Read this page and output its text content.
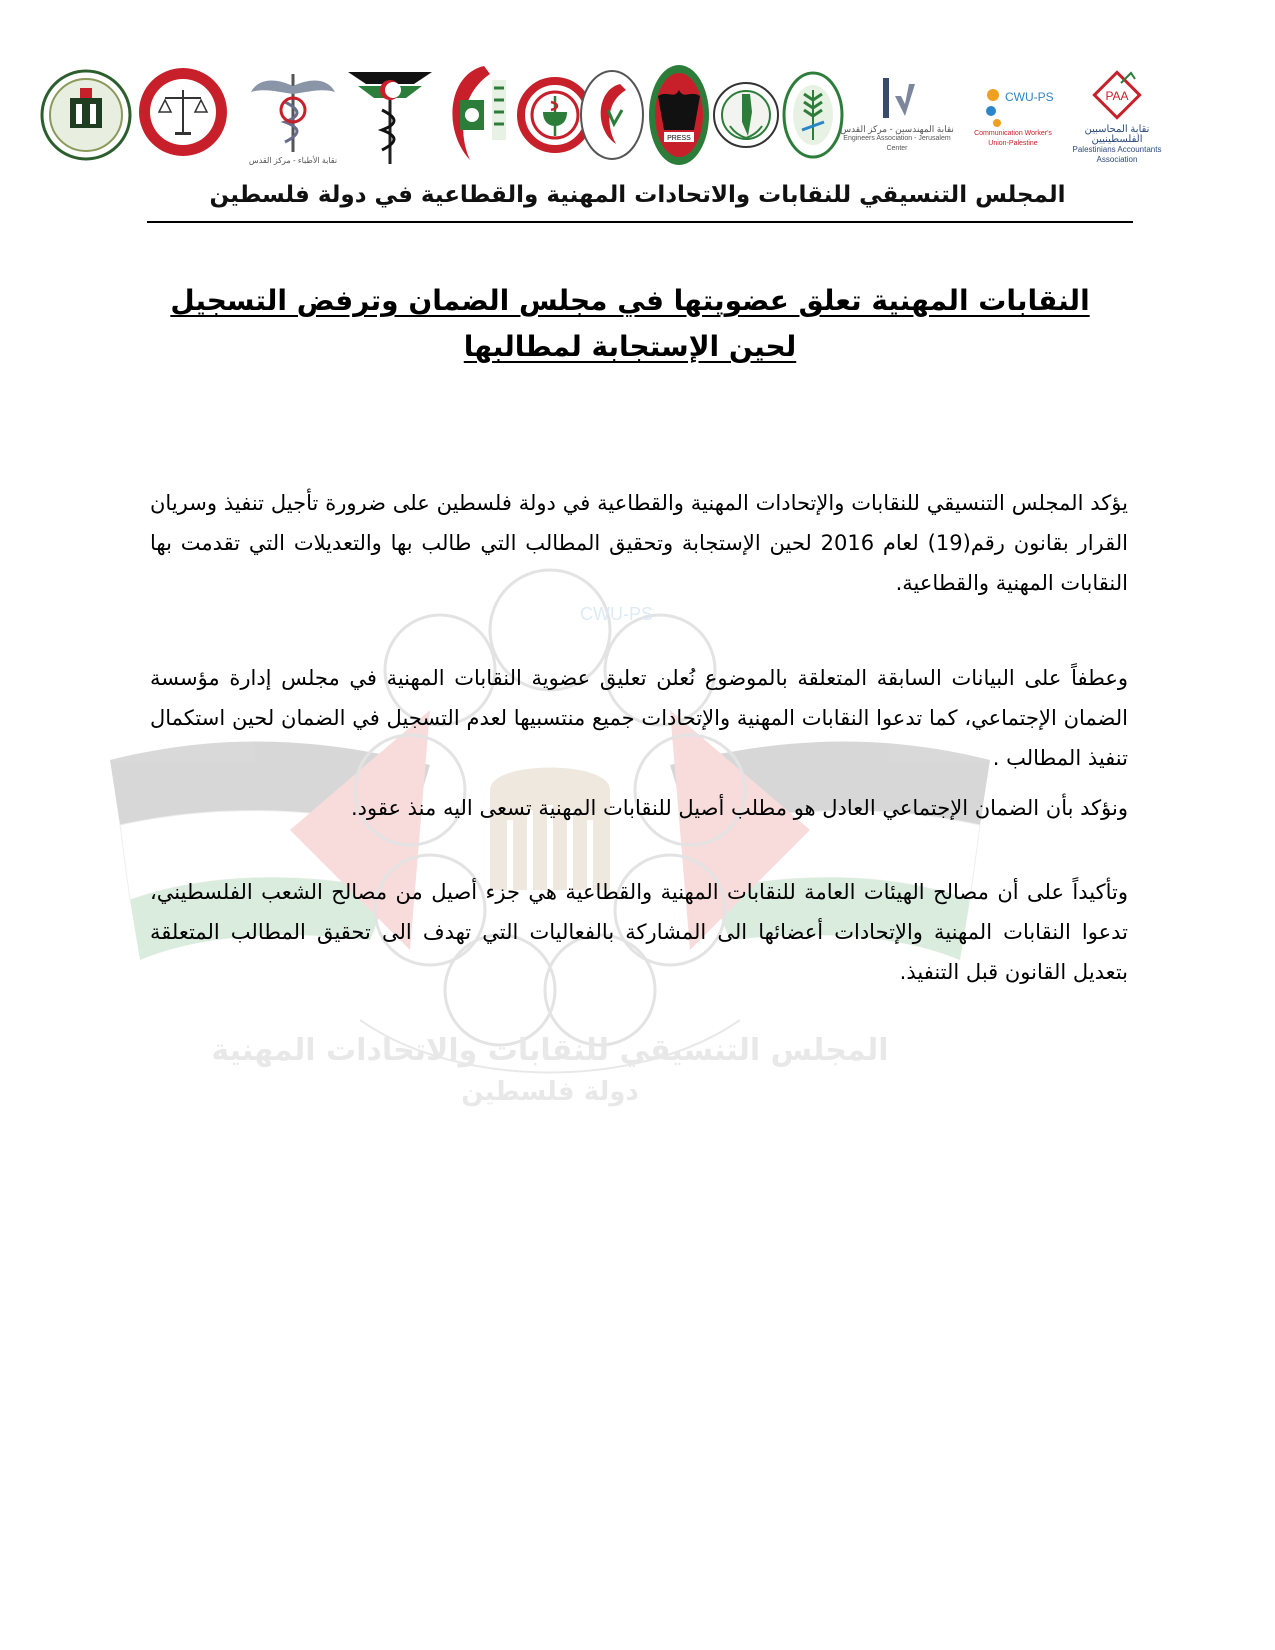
نقابة الأطباء - مركز القدس
PRESS
نقابة المهندسين - مركز القدس
Engineers Association - Jerusalem Center
CWU-PS
Communication Worker's Union-Palestine
PAA
نقابة المحاسبين الفلسطينيين
Palestinians Accountants Association
المجلس التنسيقي للنقابات والاتحادات المهنية والقطاعية في دولة فلسطين
CWU-PS
المجلس التنسيقي للنقابات والاتحادات المهنية
دولة فلسطين
النقابات المهنية تعلق عضويتها في مجلس الضمان وترفض التسجيل لحين الإستجابة لمطالبها

يؤكد المجلس التنسيقي للنقابات والإتحادات المهنية والقطاعية في دولة فلسطين على ضرورة تأجيل تنفيذ وسريان القرار بقانون رقم(19) لعام 2016 لحين الإستجابة وتحقيق المطالب التي طالب بها والتعديلات التي تقدمت بها النقابات المهنية والقطاعية.

وعطفاً على البيانات السابقة المتعلقة بالموضوع نُعلن تعليق عضوية النقابات المهنية في مجلس إدارة مؤسسة الضمان الإجتماعي، كما تدعوا النقابات المهنية والإتحادات جميع منتسبيها لعدم التسجيل في الضمان لحين استكمال تنفيذ المطالب .

ونؤكد بأن الضمان الإجتماعي العادل هو مطلب أصيل للنقابات المهنية تسعى اليه منذ عقود.

وتأكيداً على أن مصالح الهيئات العامة للنقابات المهنية والقطاعية هي جزء أصيل من مصالح الشعب الفلسطيني، تدعوا النقابات المهنية والإتحادات أعضائها الى المشاركة بالفعاليات التي تهدف الى تحقيق المطالب المتعلقة بتعديل القانون قبل التنفيذ.
